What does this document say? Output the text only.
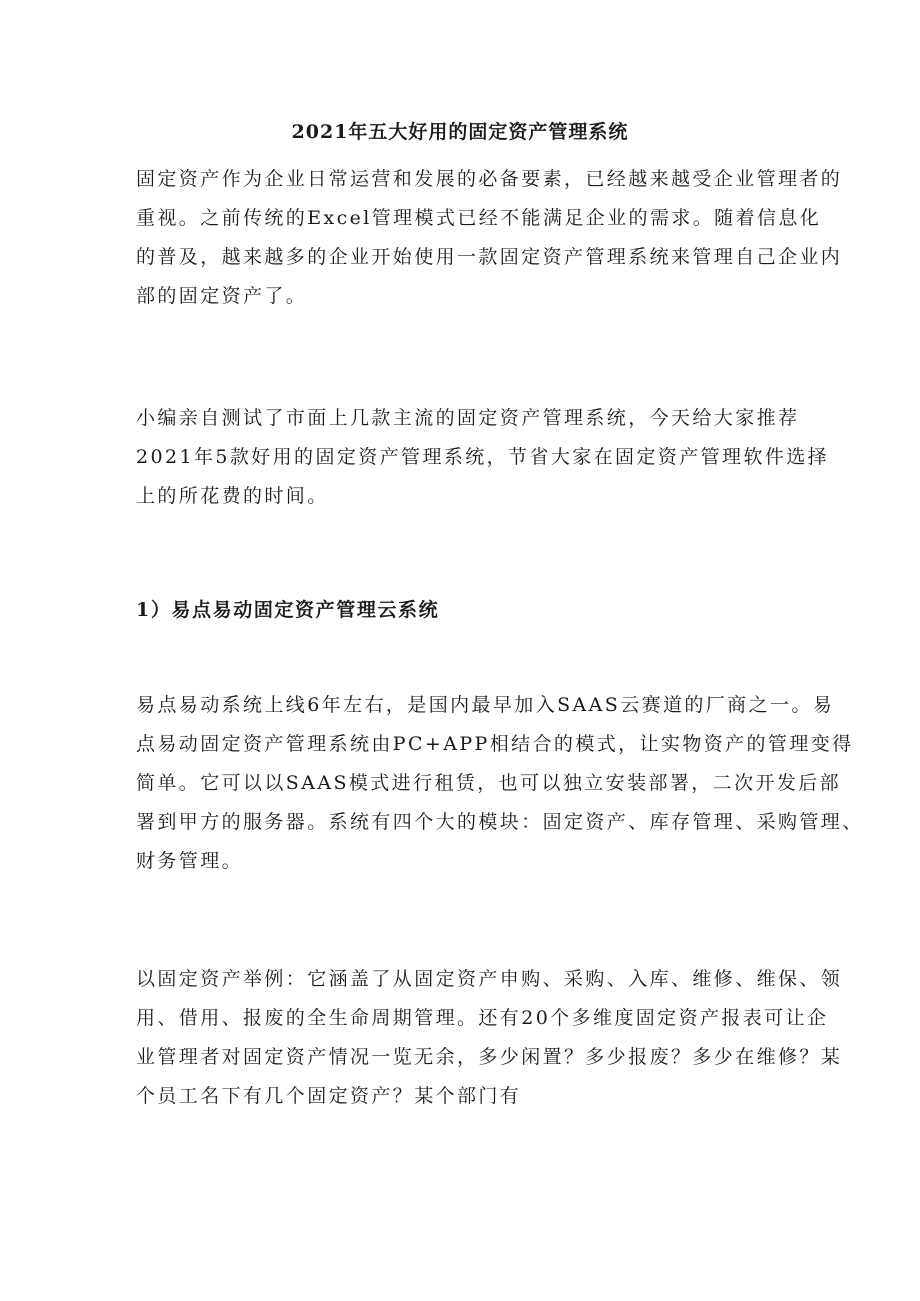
2021年五大好用的固定资产管理系统
固定资产作为企业日常运营和发展的必备要素，已经越来越受企业管理者的
重视。之前传统的Excel管理模式已经不能满足企业的需求。随着信息化
的普及，越来越多的企业开始使用一款固定资产管理系统来管理自己企业内
部的固定资产了。
小编亲自测试了市面上几款主流的固定资产管理系统，今天给大家推荐
2021年5款好用的固定资产管理系统，节省大家在固定资产管理软件选择
上的所花费的时间。
1）易点易动固定资产管理云系统
易点易动系统上线6年左右，是国内最早加入SAAS云赛道的厂商之一。易
点易动固定资产管理系统由PC+APP相结合的模式，让实物资产的管理变得
简单。它可以以SAAS模式进行租赁，也可以独立安装部署，二次开发后部
署到甲方的服务器。系统有四个大的模块：固定资产、库存管理、采购管理、
财务管理。
以固定资产举例：它涵盖了从固定资产申购、采购、入库、维修、维保、领
用、借用、报废的全生命周期管理。还有20个多维度固定资产报表可让企
业管理者对固定资产情况一览无余，多少闲置？多少报废？多少在维修？某
个员工名下有几个固定资产？某个部门有
